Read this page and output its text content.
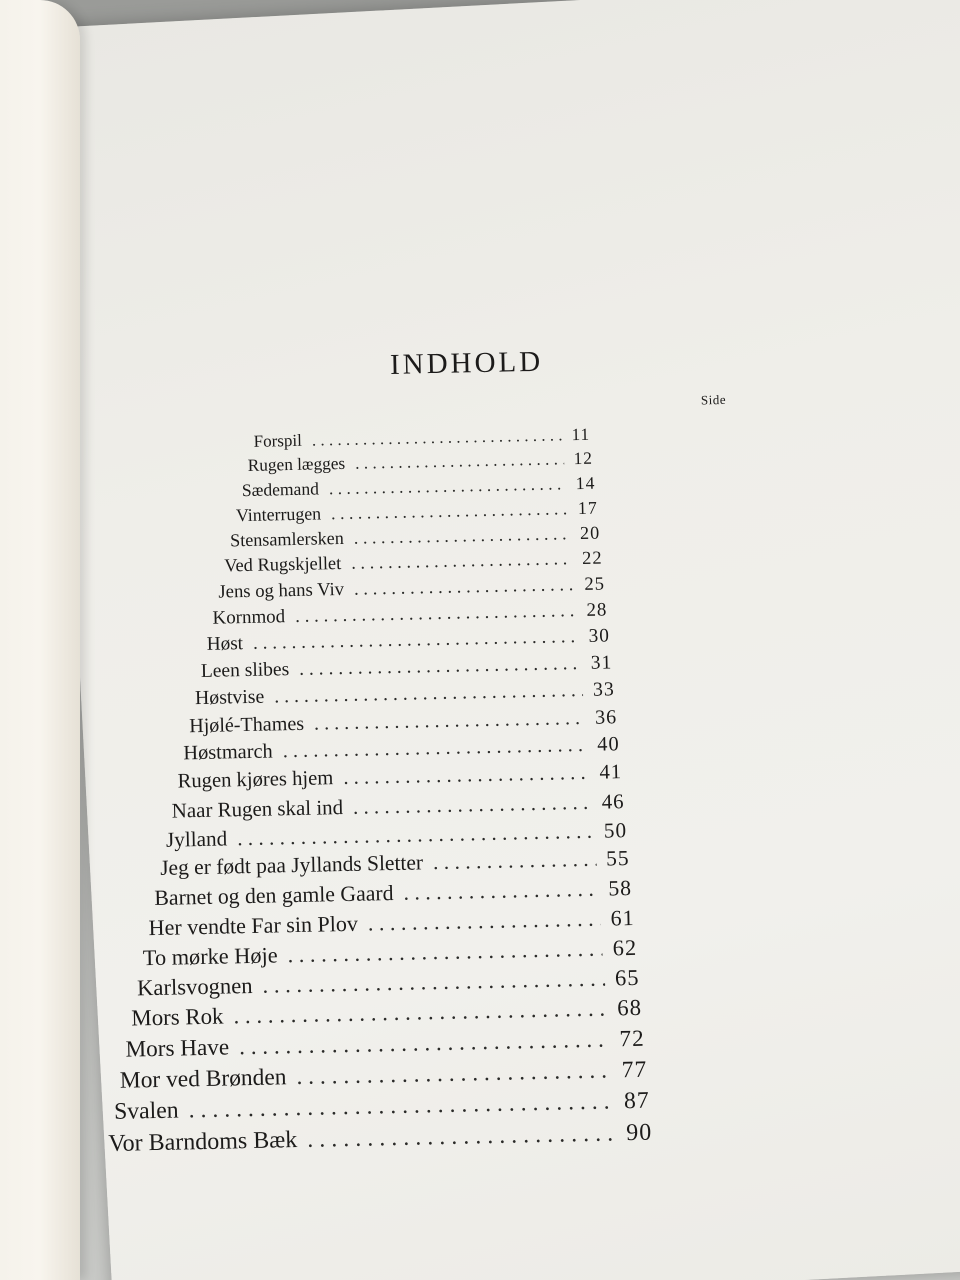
INDHOLD
Side
Forspil . . .	11
Rugen lægges . . .	12
Sædemand . . .	14
Vinterrugen . . .	17
Stensamlersken . . .	20
Ved Rugskjellet . . .	22
Jens og hans Viv . . .	25
Kornmod . . .	28
Høst . . .	30
Leen slibes . . .	31
Høstvise . . .	33
Hjølé-Thames . . .	36
Høstmarch . . .	40
Rugen kjøres hjem . . .	41
Naar Rugen skal ind . . .	46
Jylland . . .	50
Jeg er født paa Jyllands Sletter . . .	55
Barnet og den gamle Gaard . . .	58
Her vendte Far sin Plov . . .	61
To mørke Høje . . .	62
Karlsvognen . . .	65
Mors Rok . . .	68
Mors Have . . .	72
Mor ved Brønden . . .	77
Svalen . . .	87
Vor Barndoms Bæk . . .	90
